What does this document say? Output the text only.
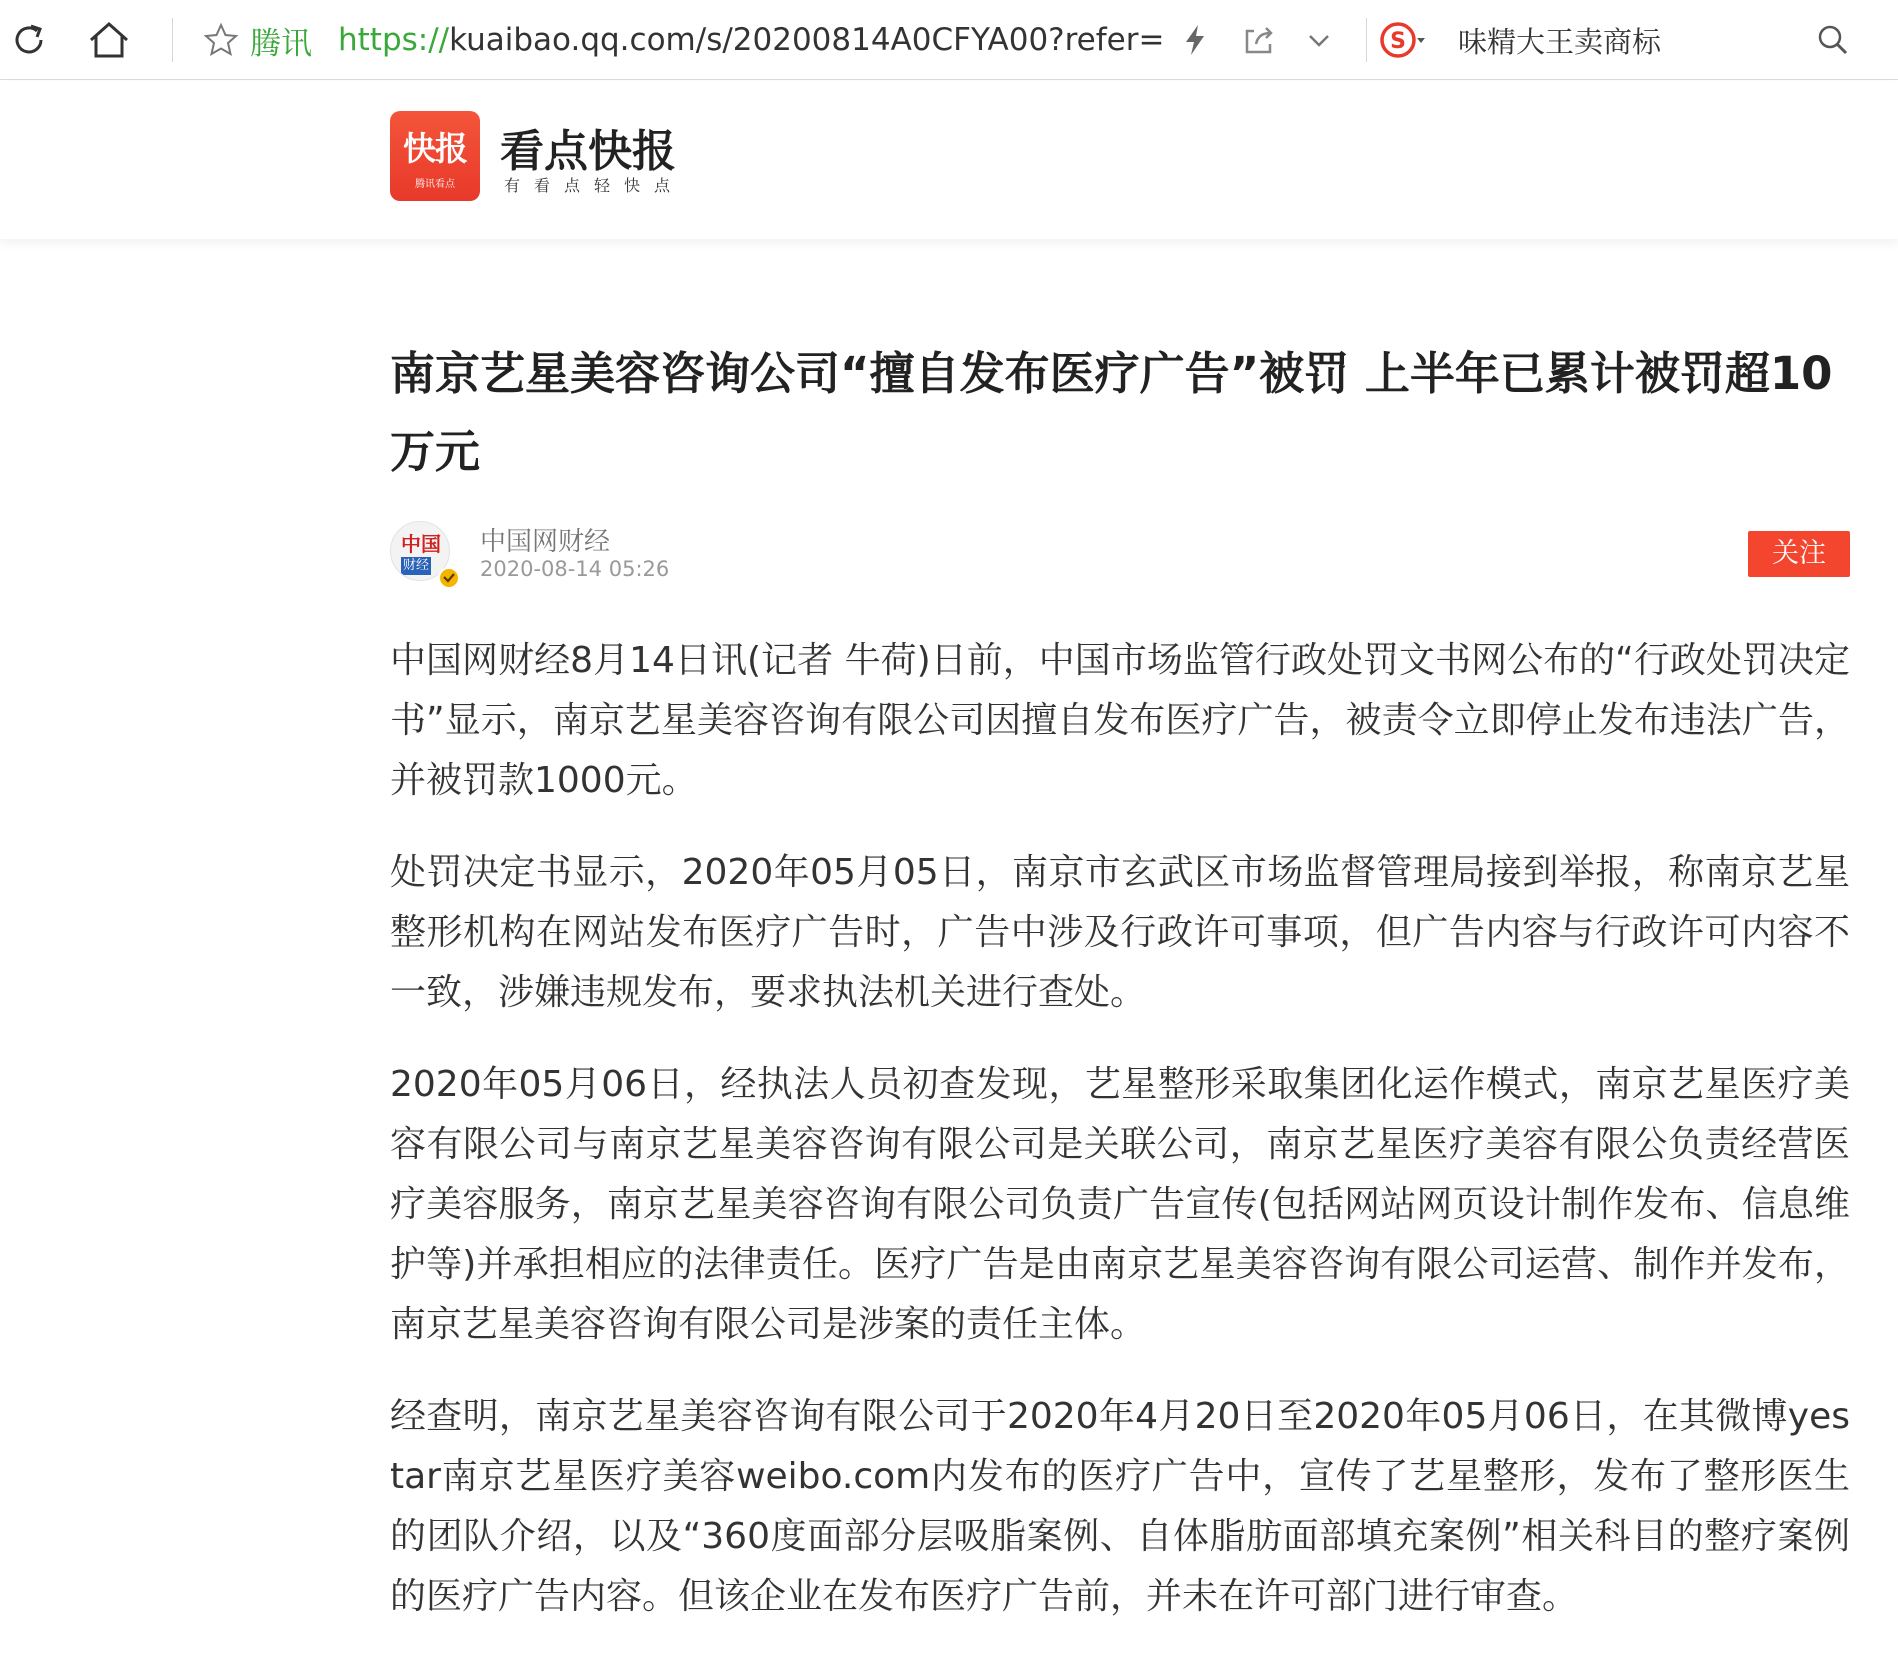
腾讯 https:// kuaibao.qq.com/s/20200814A0CFYA00?refer=	S 味精大王卖商标
快报
腾讯看点
看点快报
有看点轻快点
南京艺星美容咨询公司“擅自发布医疗广告”被罚 上半年已累计被罚超10万元
中国
财经
中国网财经
2020-08-14 05:26	关注

中国网财经8月14日讯(记者 牛荷)日前，中国市场监管行政处罚文书网公布的“行政处罚决定书”显示，南京艺星美容咨询有限公司因擅自发布医疗广告，被责令立即停止发布违法广告，并被罚款1000元。

处罚决定书显示，2020年05月05日，南京市玄武区市场监督管理局接到举报，称南京艺星整形机构在网站发布医疗广告时，广告中涉及行政许可事项，但广告内容与行政许可内容不一致，涉嫌违规发布，要求执法机关进行查处。

2020年05月06日，经执法人员初查发现，艺星整形采取集团化运作模式，南京艺星医疗美容有限公司与南京艺星美容咨询有限公司是关联公司，南京艺星医疗美容有限公负责经营医疗美容服务，南京艺星美容咨询有限公司负责广告宣传(包括网站网页设计制作发布、信息维护等)并承担相应的法律责任。医疗广告是由南京艺星美容咨询有限公司运营、制作并发布，南京艺星美容咨询有限公司是涉案的责任主体。

经查明，南京艺星美容咨询有限公司于2020年4月20日至2020年05月06日，在其微博yestar南京艺星医疗美容weibo.com内发布的医疗广告中，宣传了艺星整形，发布了整形医生的团队介绍，以及“360度面部分层吸脂案例、自体脂肪面部填充案例”相关科目的整疗案例的医疗广告内容。但该企业在发布医疗广告前，并未在许可部门进行审查。
